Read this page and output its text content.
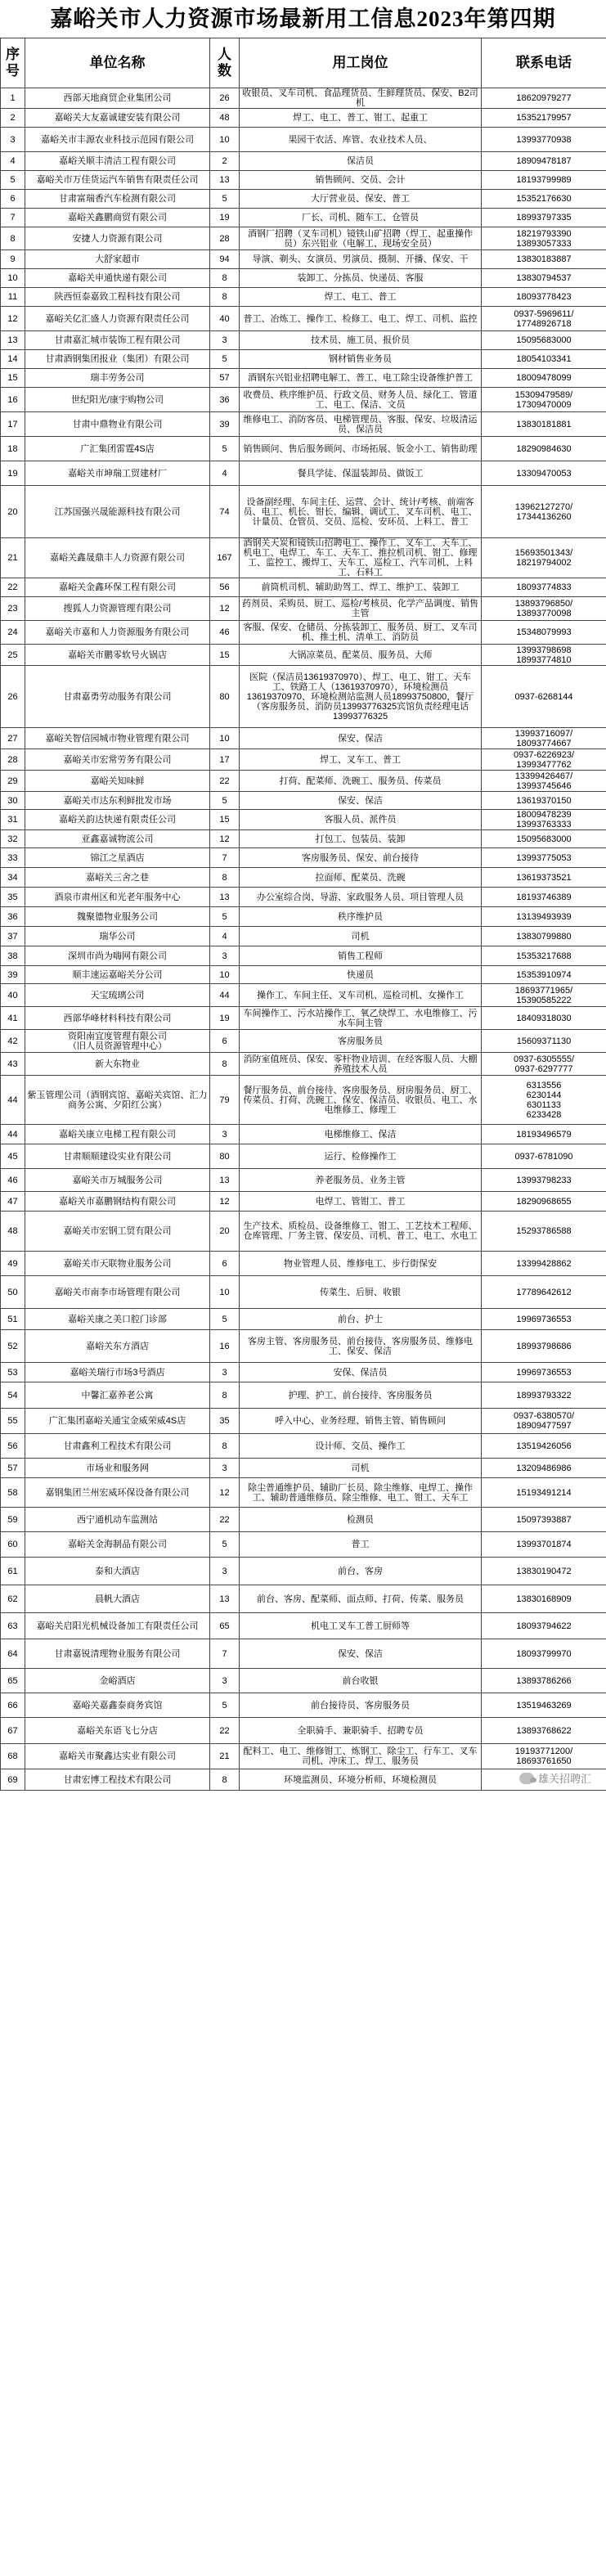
嘉峪关市人力资源市场最新用工信息2023年第四期
序
号	单位名称	人
数	用工岗位	联系电话
1	西部天地商贸企业集团公司	26	收银员、叉车司机、食品理货员、生鲜理货员、保安、B2司机	18620979277
2	嘉峪关大友嘉诚建安装有限公司	48	焊工、电工、普工、钳工、起重工	15352179957
3	嘉峪关市丰源农业科技示范园有限公司	10	果园干农活、库管、农业技术人员、	13993770938
4	嘉峪关顺丰清洁工程有限公司	2	保洁员	18909478187
5	嘉峪关市万佳货运汽车销售有限责任公司	13	销售顾问、交员、会计	18193799989
6	甘肃富瑞香汽车检测有限公司	5	大厅营业员、保安、普工	15352176630
7	嘉峪关鑫鹏商贸有限公司	19	厂长、司机、随车工、仓管员	18993797335
8	安捷人力资源有限公司	28	酒钢厂招聘（叉车司机）镜铁山矿招聘（焊工、起重操作员）东兴铝业（电解工、现场安全员）	18219793390
13893057333
9	大舒家超市	94	导演、剃头、女演员、男演员、摄制、开播、保安、干	13830183887
10	嘉峪关申通快递有限公司	8	装卸工、分拣员、快递员、客服	13830794537
11	陕西恒泰嘉致工程科技有限公司	8	焊工、电工、普工	18093778423
12	嘉峪关亿汇盛人力资源有限责任公司	40	普工、冶炼工、操作工、检修工、电工、焊工、司机、监控	0937-5969611/
17748926718
13	甘肃嘉汇城市装饰工程有限公司	3	技术员、施工员、报价员	15095683000
14	甘肃酒钢集团报业（集团）有限公司	5	钢材销售业务员	18054103341
15	瑞丰劳务公司	57	酒钢东兴铝业招聘电解工、普工、电工除尘设备维护普工	18009478099
16	世纪阳光/康宇购物公司	36	收费员、秩序维护员、行政文员、财务人员、绿化工、管道工、电工、保洁、文员	15309479589/
17309470009
17	甘肃中鼎物业有限公司	39	维修电工、消防客员、电梯管理员、客服、保安、垃圾清运员、保洁员	13830181881
18	广汇集团雷霆4S店	5	销售顾问、售后服务顾问、市场拓展、钣金小工、销售助理	18290984630
19	嘉峪关市坤瑞工贸建材厂	4	餐具学徒、保温装卸员、做饭工	13309470053
20	江苏国强兴晟能源科技有限公司	74	设备副经理、车间主任、运营、会计、统计/考核、前端客员、电工、机长、钳长、编辑、调试工、叉车司机、电工、计量员、仓管员、交员、巡检、安环员、上料工、普工	13962127270/
17344136260
21	嘉峪关鑫晟鼎丰人力资源有限公司	167	酒钢关天炭和镜铁山招聘电工、操作工、叉车工、天车工、机电工、电焊工、车工、天车工、推拉机司机、钳工、修理工、监控工、搬焊工、天车工、巡检工、汽车司机、上料工、石料工	15693501343/
18219794002
22	嘉峪关金鑫环保工程有限公司	56	前筒机司机、辅助助驾工、焊工、维护工、装卸工	18093774833
23	搜狐人力资源管理有限公司	12	药剂员、采购员、厨工、巡检/考核员、化学产品调度、销售主管	13893796850/
13893770098
24	嘉峪关市嘉和人力资源服务有限公司	46	客服、保安、仓储员、分拣装卸工、服务员、厨工、叉车司机、推土机、清单工、消防员	15348079993
25	嘉峪关市鹏零软号火锅店	15	大锅凉菜员、配菜员、服务员、大师	13993798698
18993774810
26	甘肃嘉勇劳动服务有限公司	80	医院（保洁员13619370970）、焊工、电工、钳工、天车工、铁路工人（13619370970），环境检测员13619370970、环境检测站监测人员18993750800，餐厅（客房服务员、消防员13993776325宾馆负责经理电话13993776325	0937-6268144
27	嘉峪关智信园城市物业管理有限公司	10	保安、保洁	13993716097/
18093774667
28	嘉峪关市宏常劳务有限公司	17	焊工、叉车工、普工	0937-6226923/
13993477762
29	嘉峪关知味鲜	22	打荷、配菜师、洗碗工、服务员、传菜员	13399426467/
13993745646
30	嘉峪关市达东利鲜批发市场	5	保安、保洁	13619370150
31	嘉峪关韵达快递有限责任公司	15	客服人员、派件员	18009478239
13993763333
32	亚鑫嘉诚物流公司	12	打包工、包装员、装卸	15095683000
33	锦江之星酒店	7	客房服务员、保安、前台接待	13993775053
34	嘉峪关三舍之巷	8	拉面师、配菜员、洗碗	13619373521
35	酒泉市肃州区和光老年服务中心	13	办公室综合岗、导游、家政服务人员、项目管理人员	18193746389
36	魏聚德物业服务公司	5	秩序维护员	13139493939
37	瑞华公司	4	司机	13830799880
38	深圳市尚为嗨网有限公司	3	销售工程师	15353217688
39	顺丰速运嘉峪关分公司	10	快递员	15353910974
40	天宝琉璃公司	44	操作工、车间主任、叉车司机、巡检司机、女操作工	18693771965/
15390585222
41	西部华峰材料科技有限公司	19	车间操作工、污水站操作工、氧乙炔焊工、水电维修工、污水车间主管	18409318030
42	资阳南宜度管理有限公司
（旧人员资源管理中心）	6	客房服务员	15609371130
43	新大东物业	8	消防室值班员、保安、零杆物业培训、在经客服人员、大棚养殖技术人员	0937-6305555/
0937-6297777
44	紫玉管理公司（酒钢宾馆、嘉峪关宾馆、汇力商务公寓、夕阳红公寓）	79	餐厅服务员、前台接待、客房服务员、厨房服务员、厨工、传菜员、打荷、洗碗工、保安、保洁员、收银员、电工、水电维修工、修理工	6313556
6230144
6301133
6233428
44	嘉峪关康立电梯工程有限公司	3	电梯维修工、保洁	18193496579
45	甘肃顺顺建设实业有限公司	80	运行、检修操作工	0937-6781090
46	嘉峪关市万城服务公司	13	养老服务员、业务主管	13993798233
47	嘉峪关市嘉鹏钢结构有限公司	12	电焊工、管钳工、普工	18290968655
48	嘉峪关市宏钢工贸有限公司	20	生产技术、质检员、设备维修工、钳工、工艺技术工程师、仓库管理、厂务主管、保安员、司机、普工、电工、水电工	15293786588
49	嘉峪关市天联物业服务公司	6	物业管理人员、维修电工、步行街保安	13399428862
50	嘉峪关市南李市场管理有限公司	10	传菜生、后厨、收银	17789642612
51	嘉峪关康之美口腔门诊部	5	前台、护士	19969736553
52	嘉峪关东方酒店	16	客房主管、客房服务员、前台接待、客房服务员、维修电工、保安、保洁	18993798686
53	嘉峪关瑞行市场3号酒店	3	安保、保洁员	19969736553
54	中馨汇嘉养老公寓	8	护理、护工、前台接待、客房服务员	18993793322
55	广汇集团嘉峪关通宝金威荣威4S店	35	呼入中心、业务经理、销售主管、销售顾问	0937-6380570/
18909477597
56	甘肃鑫利工程技术有限公司	8	设计师、交员、操作工	13519426056
57	市场业和服务网	3	司机	13209486986
58	嘉钢集团兰州宏威环保设备有限公司	12	除尘普通维护员、辅助厂长员、除尘维修、电焊工、操作工、辅助普通维修员、除尘维修、电工、钳工、天车工	15193491214
59	西宁通机动车监测站	22	检测员	15097393887
60	嘉峪关金海制品有限公司	5	普工	13993701874
61	泰和大酒店	3	前台、客房	13830190472
62	晨帆大酒店	13	前台、客房、配菜师、面点师、打荷、传菜、服务员	13830168909
63	嘉峪关启阳光机械设备加工有限责任公司	65	机电工叉车工普工厨师等	18093794622
64	甘肃嘉锐清理物业服务有限公司	7	保安、保洁	18093799970
65	金峪酒店	3	前台收银	13893786266
66	嘉峪关嘉鑫泰商务宾馆	5	前台接待员、客房服务员	13519463269
67	嘉峪关东语飞七分店	22	全职骑手、兼职骑手、招聘专员	13893768622
68	嘉峪关市聚鑫达实业有限公司	21	配料工、电工、维修钳工、炼钢工、除尘工、行车工、叉车司机、冲床工、焊工、服务员	19193771200/
18693761650
69	甘肃宏博工程技术有限公司	8	环境监测员、环境分析师、环境检测员		雄关招聘汇
